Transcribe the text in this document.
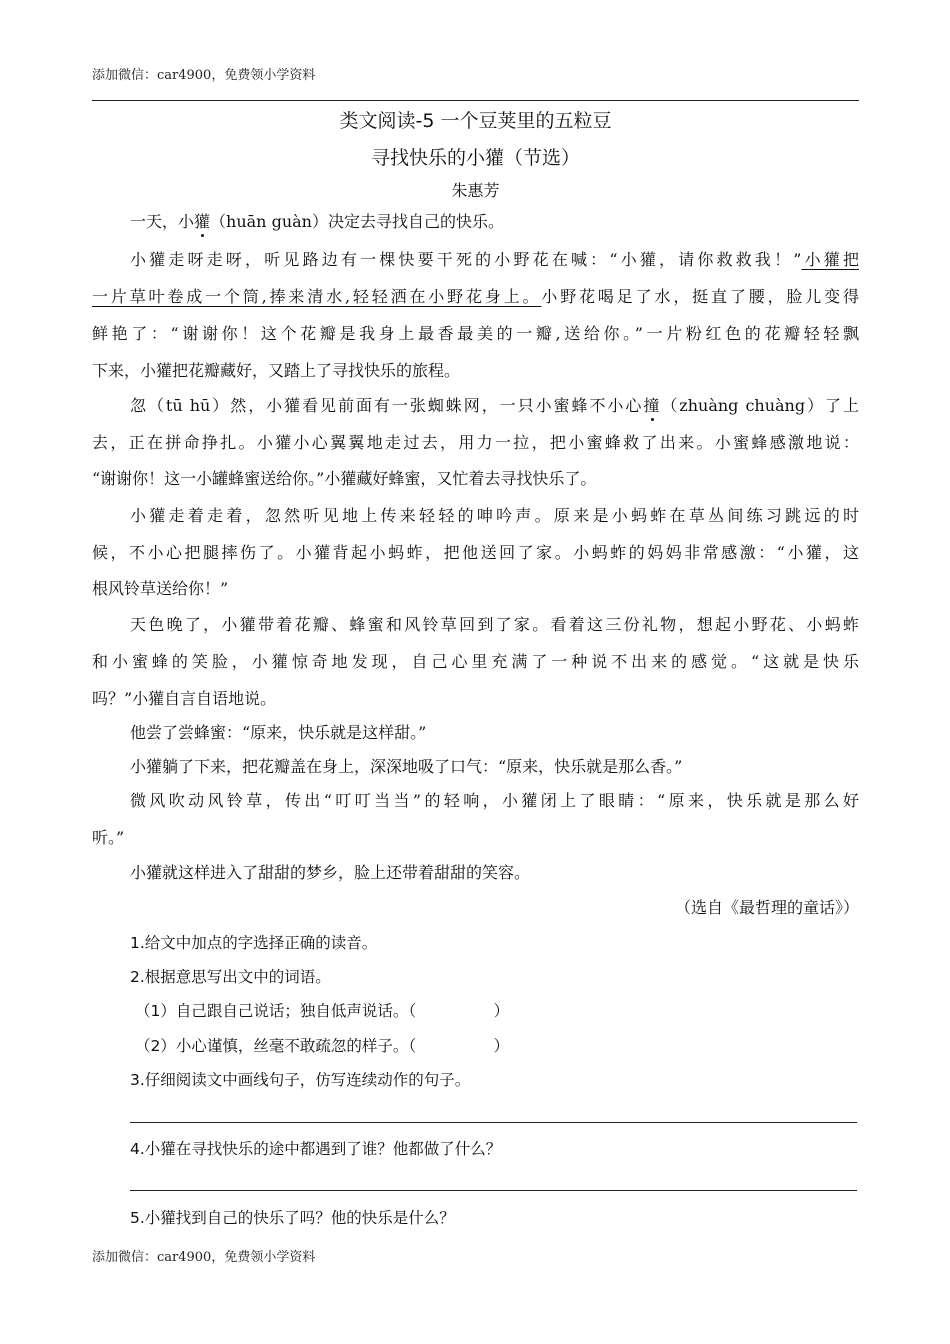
添加微信：car4900，免费领小学资料
类文阅读-5 一个豆荚里的五粒豆
寻找快乐的小獾（节选）
朱惠芳
一天，小獾（huān guàn）决定去寻找自己的快乐。
小獾走呀走呀，听见路边有一棵快要干死的小野花在喊：“小獾，请你救救我！”小獾把
一片草叶卷成一个筒,捧来清水,轻轻洒在小野花身上。小野花喝足了水，挺直了腰，脸儿变得
鲜艳了：“谢谢你！这个花瓣是我身上最香最美的一瓣,送给你。”一片粉红色的花瓣轻轻飘
下来，小獾把花瓣藏好，又踏上了寻找快乐的旅程。
忽（tū hū）然，小獾看见前面有一张蜘蛛网，一只小蜜蜂不小心撞（zhuàng chuàng）了上
去，正在拼命挣扎。小獾小心翼翼地走过去，用力一拉，把小蜜蜂救了出来。小蜜蜂感激地说：
“谢谢你！这一小罐蜂蜜送给你。”小獾藏好蜂蜜，又忙着去寻找快乐了。
小獾走着走着，忽然听见地上传来轻轻的呻吟声。原来是小蚂蚱在草丛间练习跳远的时
候，不小心把腿摔伤了。小獾背起小蚂蚱，把他送回了家。小蚂蚱的妈妈非常感激：“小獾，这
根风铃草送给你！”
天色晚了，小獾带着花瓣、蜂蜜和风铃草回到了家。看着这三份礼物，想起小野花、小蚂蚱
和小蜜蜂的笑脸，小獾惊奇地发现，自己心里充满了一种说不出来的感觉。“这就是快乐
吗？”小獾自言自语地说。
他尝了尝蜂蜜：“原来，快乐就是这样甜。”
小獾躺了下来，把花瓣盖在身上，深深地吸了口气：“原来，快乐就是那么香。”
微风吹动风铃草，传出“叮叮当当”的轻响，小獾闭上了眼睛：“原来，快乐就是那么好
听。”
小獾就这样进入了甜甜的梦乡，脸上还带着甜甜的笑容。
（选自《最哲理的童话》）
1.给文中加点的字选择正确的读音。
2.根据意思写出文中的词语。
（1）自己跟自己说话；独自低声说话。（　　　　　）
（2）小心谨慎，丝毫不敢疏忽的样子。（　　　　　）
3.仔细阅读文中画线句子，仿写连续动作的句子。
4.小獾在寻找快乐的途中都遇到了谁？他都做了什么？
5.小獾找到自己的快乐了吗？他的快乐是什么？
添加微信：car4900，免费领小学资料
